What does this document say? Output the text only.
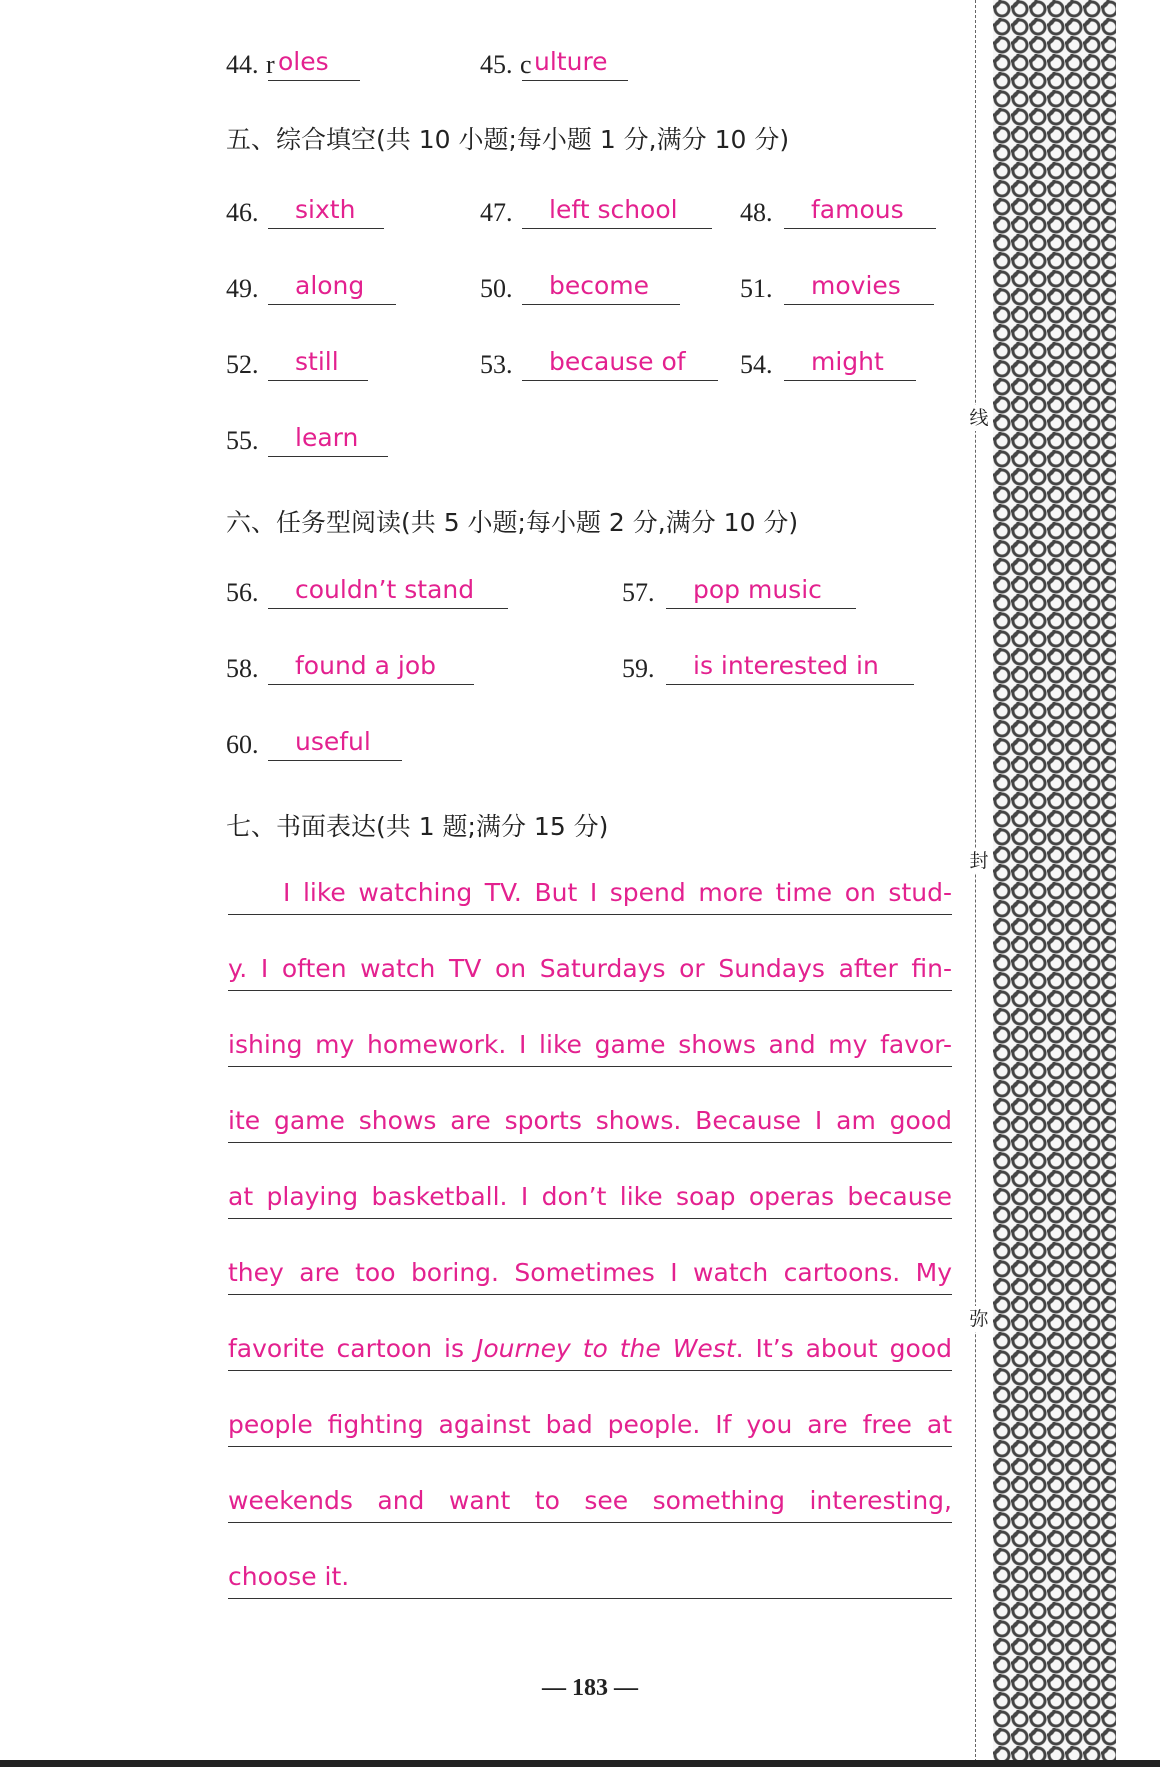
44. r oles	45. c ulture
五、综合填空(共 10 小题;每小题 1 分,满分 10 分)
46. sixth	47. left school 48. famous
49. along	50. become	51. movies
52. still	53. because of 54. might
55. learn
六、任务型阅读(共 5 小题;每小题 2 分,满分 10 分)
56. couldn’t stand	57. pop music
58. found a job	59. is interested in
60. useful
七、书面表达(共 1 题;满分 15 分)
I like watching TV. But I spend more time on stud-
y. I often watch TV on Saturdays or Sundays after fin-
ishing my homework. I like game shows and my favor-
ite game shows are sports shows. Because I am good
at playing basketball. I don’t like soap operas because
they are too boring. Sometimes I watch cartoons. My
favorite cartoon is Journey to the West. It’s about good
people fighting against bad people. If you are free at
weekends and want to see something interesting,
choose it.
— 183 —
线
封
弥
